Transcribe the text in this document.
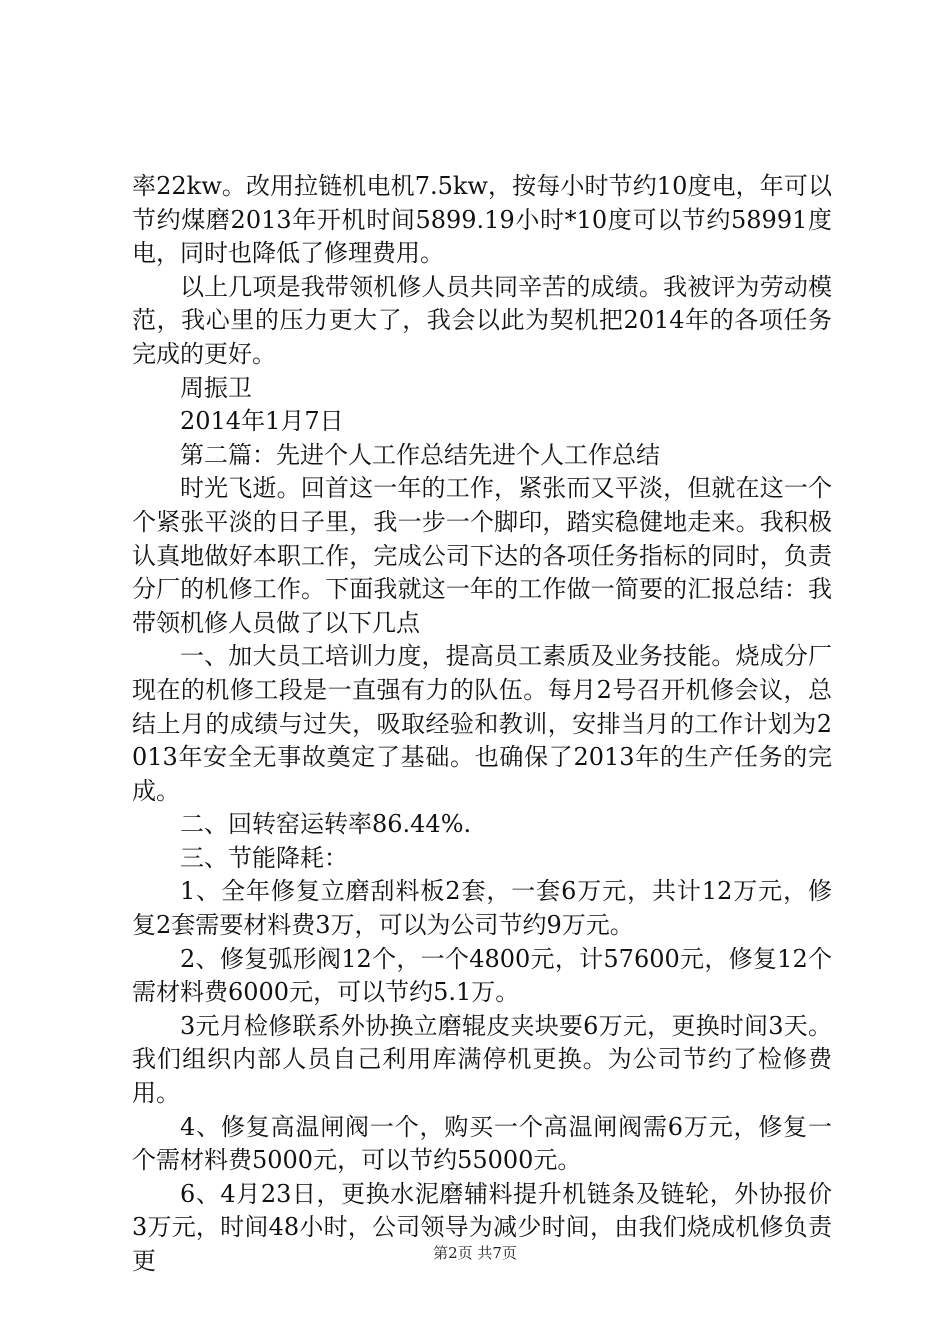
率22kw。改用拉链机电机7.5kw，按每小时节约10度电，年可以节约煤磨2013年开机时间5899.19小时*10度可以节约58991度电，同时也降低了修理费用。

以上几项是我带领机修人员共同辛苦的成绩。我被评为劳动模范，我心里的压力更大了，我会以此为契机把2014年的各项任务完成的更好。

周振卫

2014年1月7日

第二篇：先进个人工作总结先进个人工作总结

时光飞逝。回首这一年的工作，紧张而又平淡，但就在这一个个紧张平淡的日子里，我一步一个脚印，踏实稳健地走来。我积极认真地做好本职工作，完成公司下达的各项任务指标的同时，负责分厂的机修工作。下面我就这一年的工作做一简要的汇报总结：我带领机修人员做了以下几点

一、加大员工培训力度，提高员工素质及业务技能。烧成分厂现在的机修工段是一直强有力的队伍。每月2号召开机修会议，总结上月的成绩与过失，吸取经验和教训，安排当月的工作计划为2013年安全无事故奠定了基础。也确保了2013年的生产任务的完成。

二、回转窑运转率86.44%.

三、节能降耗：

1、全年修复立磨刮料板2套，一套6万元，共计12万元，修复2套需要材料费3万，可以为公司节约9万元。

2、修复弧形阀12个，一个4800元，计57600元，修复12个需材料费6000元，可以节约5.1万。

3元月检修联系外协换立磨辊皮夹块要6万元，更换时间3天。我们组织内部人员自己利用库满停机更换。为公司节约了检修费用。

4、修复高温闸阀一个，购买一个高温闸阀需6万元，修复一个需材料费5000元，可以节约55000元。

6、4月23日，更换水泥磨辅料提升机链条及链轮，外协报价3万元，时间48小时，公司领导为减少时间，由我们烧成机修负责更	第2页 共7页
